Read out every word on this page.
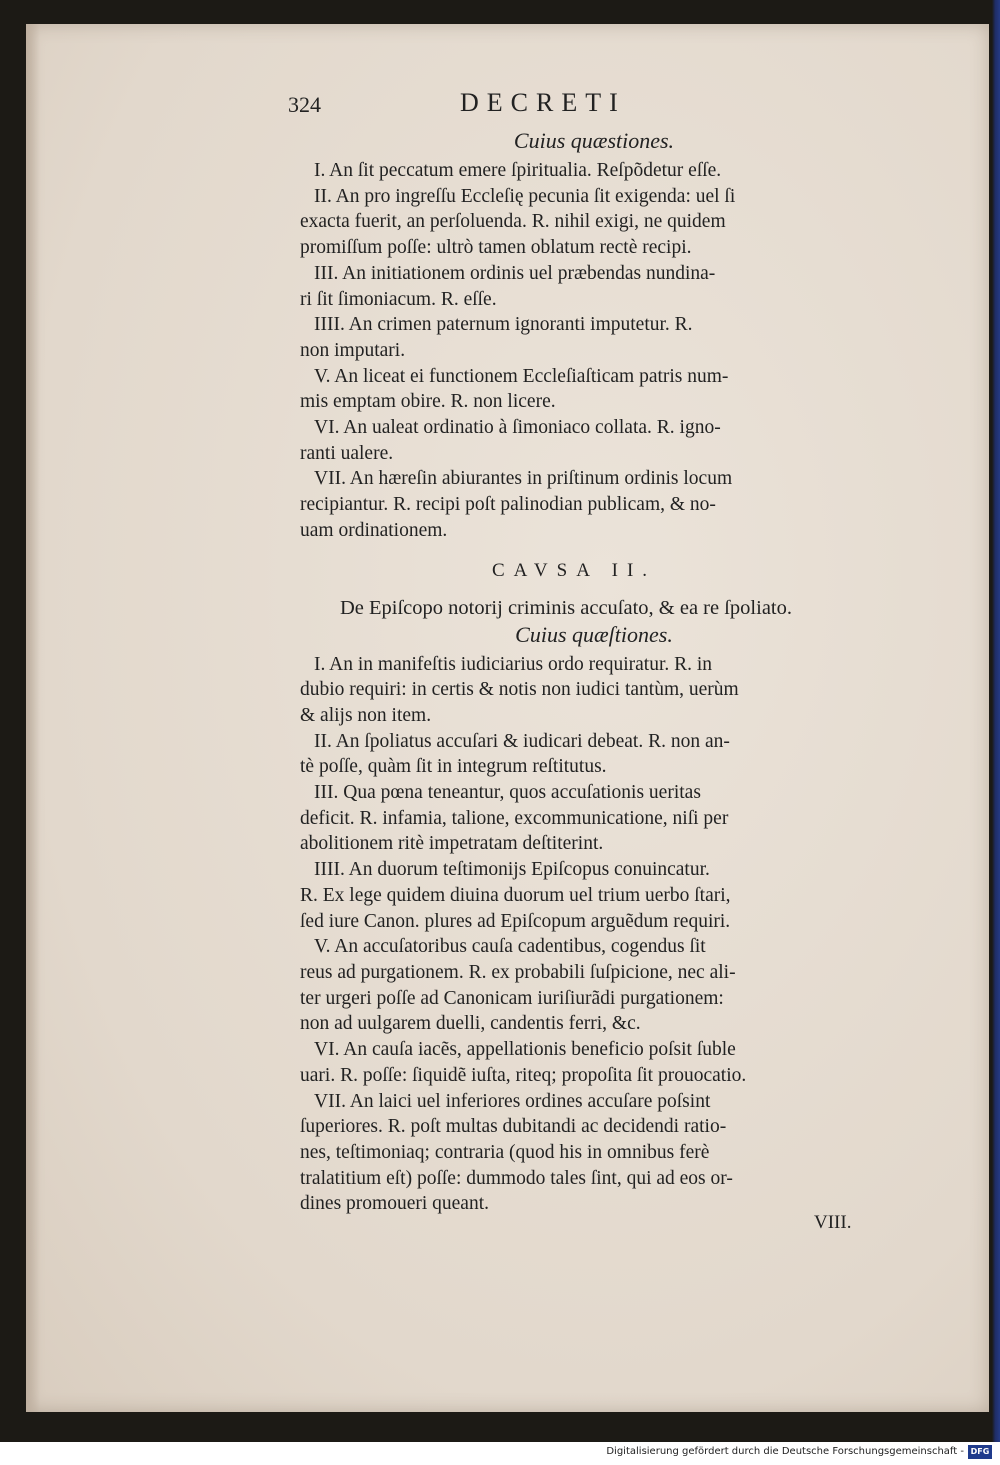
324	DECRETI
Cuius quæstiones.

I. An ſit peccatum emere ſpiritualia. Reſpõdetur eſſe.

II. An pro ingreſſu Eccleſię pecunia ſit exigenda: uel ſi
exacta fuerit, an perſoluenda. R. nihil exigi, ne quidem
promiſſum poſſe: ultrò tamen oblatum rectè recipi.

III. An initiationem ordinis uel præbendas nundina-
ri ſit ſimoniacum. R. eſſe.

IIII. An crimen paternum ignoranti imputetur. R.
non imputari.

V. An liceat ei functionem Eccleſiaſticam patris num-
mis emptam obire. R. non licere.

VI. An ualeat ordinatio à ſimoniaco collata. R. igno-
ranti ualere.

VII. An hæreſin abiurantes in priſtinum ordinis locum
recipiantur. R. recipi poſt palinodian publicam, & no-
uam ordinationem.

CAVSA II.
De Epiſcopo notorij criminis accuſato, & ea re ſpoliato.
Cuius quæſtiones.

I. An in manifeſtis iudiciarius ordo requiratur. R. in
dubio requiri: in certis & notis non iudici tantùm, uerùm
& alijs non item.

II. An ſpoliatus accuſari & iudicari debeat. R. non an-
tè poſſe, quàm ſit in integrum reſtitutus.

III. Qua pœna teneantur, quos accuſationis ueritas
deficit. R. infamia, talione, excommunicatione, niſi per
abolitionem ritè impetratam deſtiterint.

IIII. An duorum teſtimonijs Epiſcopus conuincatur.
R. Ex lege quidem diuina duorum uel trium uerbo ſtari,
ſed iure Canon. plures ad Epiſcopum arguẽdum requiri.

V. An accuſatoribus cauſa cadentibus, cogendus ſit
reus ad purgationem. R. ex probabili ſuſpicione, nec ali-
ter urgeri poſſe ad Canonicam iuriſiurãdi purgationem:
non ad uulgarem duelli, candentis ferri, &c.

VI. An cauſa iacẽs, appellationis beneficio poſsit ſuble
uari. R. poſſe: ſiquidẽ iuſta, riteq; propoſita ſit prouocatio.

VII. An laici uel inferiores ordines accuſare poſsint
ſuperiores. R. poſt multas dubitandi ac decidendi ratio-
nes, teſtimoniaq; contraria (quod his in omnibus ferè
tralatitium eſt) poſſe: dummodo tales ſint, qui ad eos or-
dines promoueri queant.

VIII.
Digitalisierung gefördert durch die Deutsche Forschungsgemeinschaft - DFG
